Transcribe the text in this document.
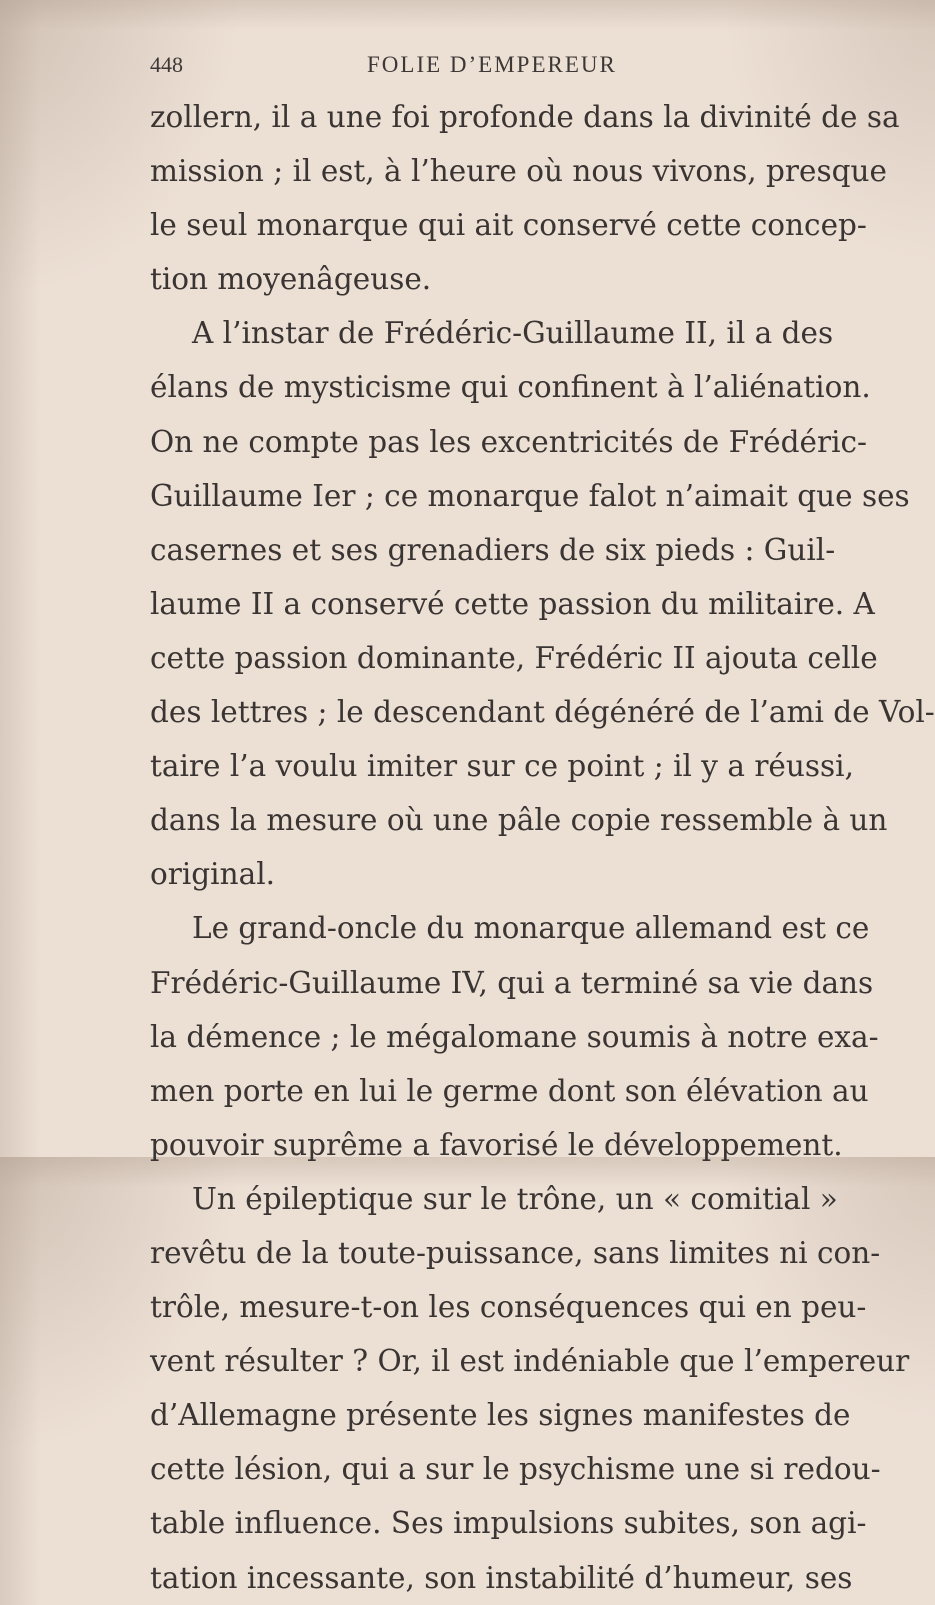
448	FOLIE D’EMPEREUR
zollern, il a une foi profonde dans la divinité de sa
mission ; il est, à l’heure où nous vivons, presque
le seul monarque qui ait conservé cette concep-
tion moyenâgeuse.
A l’instar de Frédéric-Guillaume II, il a des
élans de mysticisme qui confinent à l’aliénation.
On ne compte pas les excentricités de Frédéric-
Guillaume Ier ; ce monarque falot n’aimait que ses
casernes et ses grenadiers de six pieds : Guil-
laume II a conservé cette passion du militaire. A
cette passion dominante, Frédéric II ajouta celle
des lettres ; le descendant dégénéré de l’ami de Vol-
taire l’a voulu imiter sur ce point ; il y a réussi,
dans la mesure où une pâle copie ressemble à un
original.
Le grand-oncle du monarque allemand est ce
Frédéric-Guillaume IV, qui a terminé sa vie dans
la démence ; le mégalomane soumis à notre exa-
men porte en lui le germe dont son élévation au
pouvoir suprême a favorisé le développement.
Un épileptique sur le trône, un « comitial »
revêtu de la toute-puissance, sans limites ni con-
trôle, mesure-t-on les conséquences qui en peu-
vent résulter ? Or, il est indéniable que l’empereur
d’Allemagne présente les signes manifestes de
cette lésion, qui a sur le psychisme une si redou-
table influence. Ses impulsions subites, son agi-
tation incessante, son instabilité d’humeur, ses
